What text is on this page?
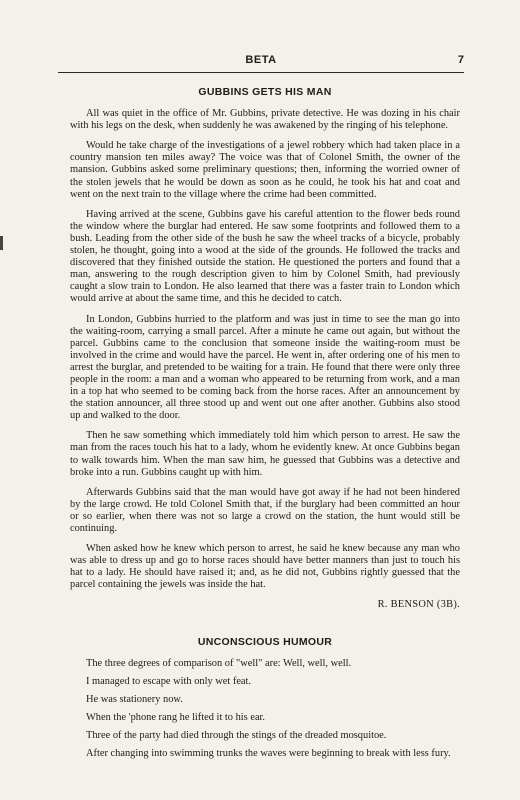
BETA	7
GUBBINS GETS HIS MAN

All was quiet in the office of Mr. Gubbins, private detective. He was dozing in his chair with his legs on the desk, when suddenly he was awakened by the ringing of his telephone.

Would he take charge of the investigations of a jewel robbery which had taken place in a country mansion ten miles away? The voice was that of Colonel Smith, the owner of the mansion. Gubbins asked some preliminary questions; then, informing the worried owner of the stolen jewels that he would be down as soon as he could, he took his hat and coat and went on the next train to the village where the crime had been committed.

Having arrived at the scene, Gubbins gave his careful attention to the flower beds round the window where the burglar had entered. He saw some footprints and followed them to a bush. Leading from the other side of the bush he saw the wheel tracks of a bicycle, probably stolen, he thought, going into a wood at the side of the grounds. He followed the tracks and discovered that they finished outside the station. He questioned the porters and found that a man, answering to the rough description given to him by Colonel Smith, had previously caught a slow train to London. He also learned that there was a faster train to London which would arrive at about the same time, and this he decided to catch.

In London, Gubbins hurried to the platform and was just in time to see the man go into the waiting-room, carrying a small parcel. After a minute he came out again, but without the parcel. Gubbins came to the conclusion that someone inside the waiting-room must be involved in the crime and would have the parcel. He went in, after ordering one of his men to arrest the burglar, and pretended to be waiting for a train. He found that there were only three people in the room: a man and a woman who appeared to be returning from work, and a man in a top hat who seemed to be coming back from the horse races. After an announcement by the station announcer, all three stood up and went out one after another. Gubbins also stood up and walked to the door.

Then he saw something which immediately told him which person to arrest. He saw the man from the races touch his hat to a lady, whom he evidently knew. At once Gubbins began to walk towards him. When the man saw him, he guessed that Gubbins was a detective and broke into a run. Gubbins caught up with him.

Afterwards Gubbins said that the man would have got away if he had not been hindered by the large crowd. He told Colonel Smith that, if the burglary had been committed an hour or so earlier, when there was not so large a crowd on the station, the hunt would still be continuing.

When asked how he knew which person to arrest, he said he knew because any man who was able to dress up and go to horse races should have better manners than just to touch his hat to a lady. He should have raised it; and, as he did not, Gubbins rightly guessed that the parcel containing the jewels was inside the hat.

R. BENSON (3B).
UNCONSCIOUS HUMOUR

The three degrees of comparison of "well" are: Well, well, well.

I managed to escape with only wet feat.

He was stationery now.

When the 'phone rang he lifted it to his ear.

Three of the party had died through the stings of the dreaded mosquitoe.

After changing into swimming trunks the waves were beginning to break with less fury.
